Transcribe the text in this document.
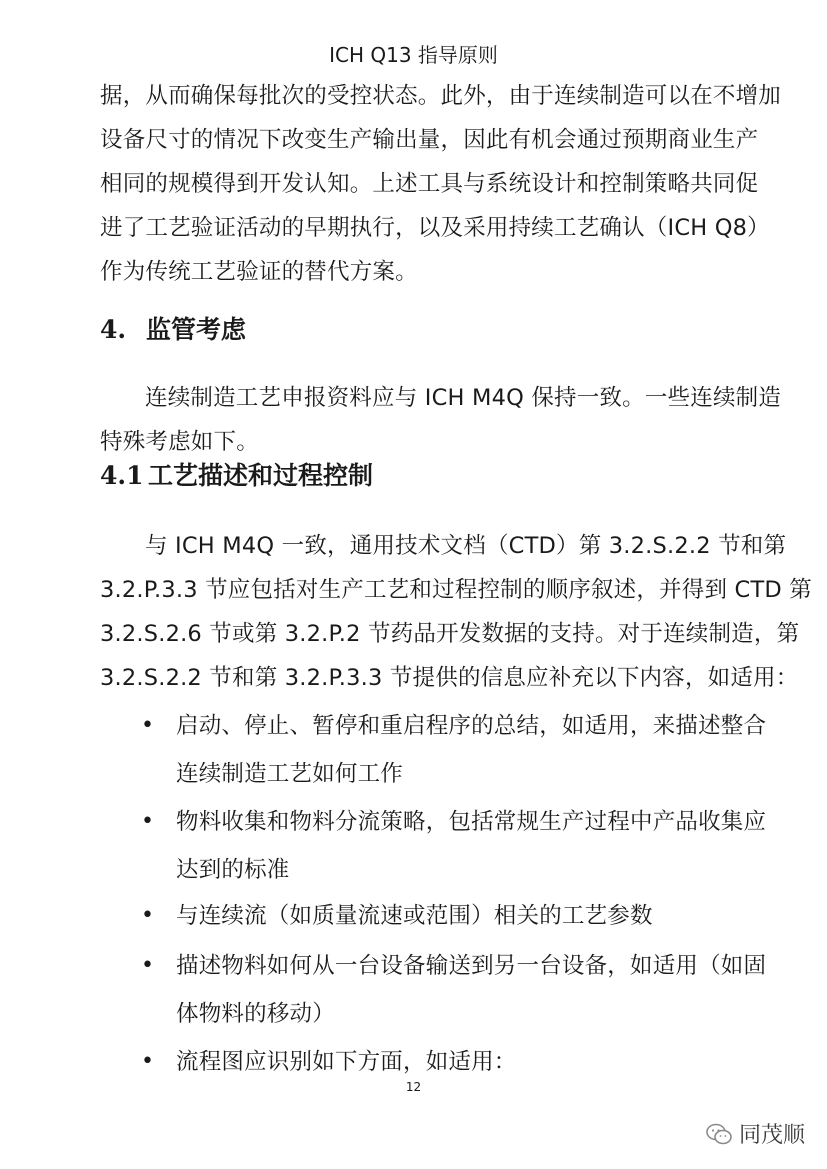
ICH Q13 指导原则
据，从而确保每批次的受控状态。此外，由于连续制造可以在不增加
设备尺寸的情况下改变生产输出量，因此有机会通过预期商业生产
相同的规模得到开发认知。上述工具与系统设计和控制策略共同促
进了工艺验证活动的早期执行，以及采用持续工艺确认（ICH Q8）
作为传统工艺验证的替代方案。
4. 监管考虑
连续制造工艺申报资料应与 ICH M4Q 保持一致。一些连续制造
特殊考虑如下。
4.1 工艺描述和过程控制
与 ICH M4Q 一致，通用技术文档（CTD）第 3.2.S.2.2 节和第
3.2.P.3.3 节应包括对生产工艺和过程控制的顺序叙述，并得到 CTD 第
3.2.S.2.6 节或第 3.2.P.2 节药品开发数据的支持。对于连续制造，第
3.2.S.2.2 节和第 3.2.P.3.3 节提供的信息应补充以下内容，如适用：
• 启动、停止、暂停和重启程序的总结，如适用，来描述整合
连续制造工艺如何工作
• 物料收集和物料分流策略，包括常规生产过程中产品收集应
达到的标准
• 与连续流（如质量流速或范围）相关的工艺参数
• 描述物料如何从一台设备输送到另一台设备，如适用（如固
体物料的移动）
• 流程图应识别如下方面，如适用：
12
同茂顺
